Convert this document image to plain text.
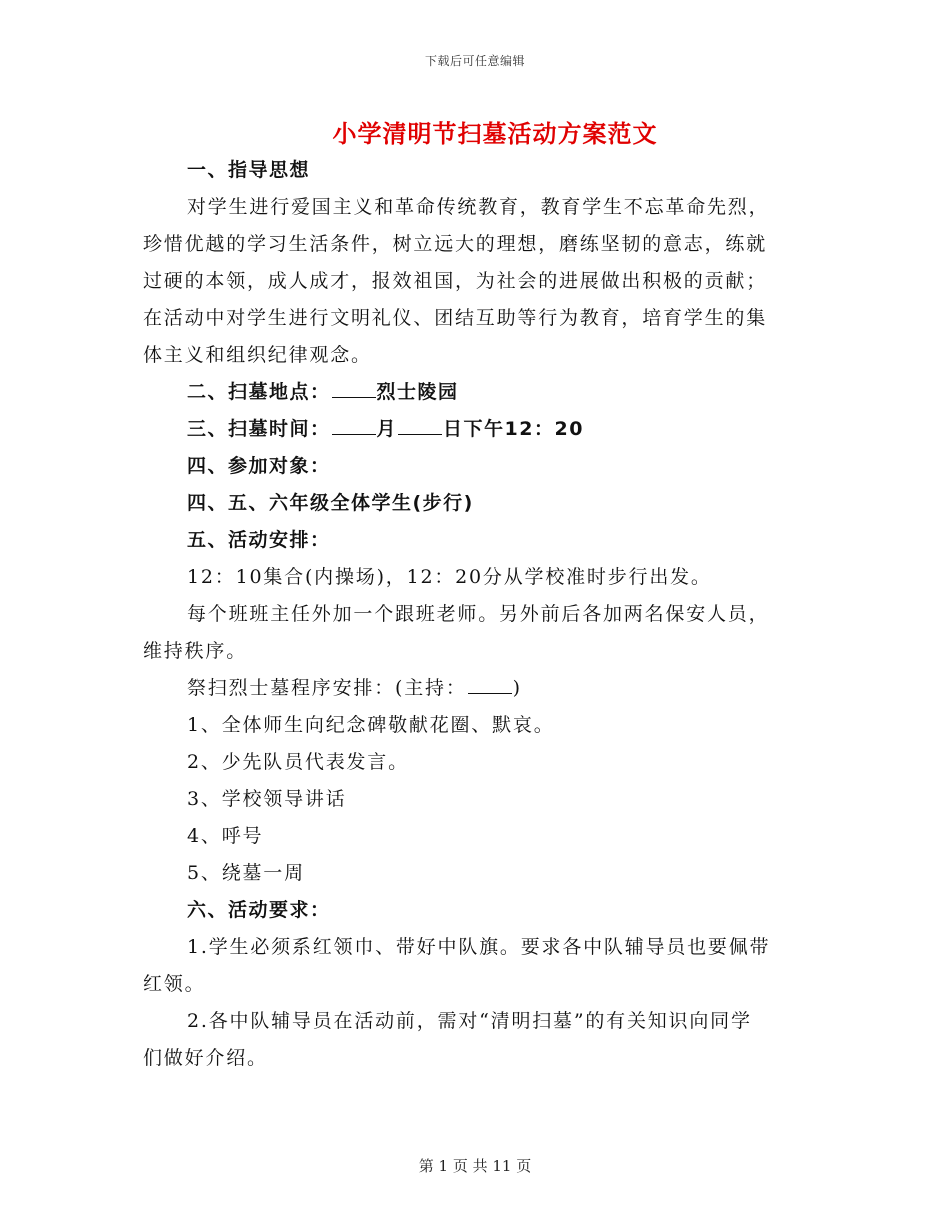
下载后可任意编辑
小学清明节扫墓活动方案范文

一、指导思想

对学生进行爱国主义和革命传统教育，教育学生不忘革命先烈，

珍惜优越的学习生活条件，树立远大的理想，磨练坚韧的意志，练就

过硬的本领，成人成才，报效祖国，为社会的进展做出积极的贡献；

在活动中对学生进行文明礼仪、团结互助等行为教育，培育学生的集

体主义和组织纪律观念。

二、扫墓地点： 烈士陵园

三、扫墓时间： 月 日下午12：20

四、参加对象：

四、五、六年级全体学生(步行)

五、活动安排：

12：10集合(内操场)，12：20分从学校准时步行出发。

每个班班主任外加一个跟班老师。另外前后各加两名保安人员，

维持秩序。

祭扫烈士墓程序安排：(主持： )

1、全体师生向纪念碑敬献花圈、默哀。

2、少先队员代表发言。

3、学校领导讲话

4、呼号

5、绕墓一周

六、活动要求：

1.学生必须系红领巾、带好中队旗。要求各中队辅导员也要佩带

红领。

2.各中队辅导员在活动前，需对“清明扫墓”的有关知识向同学

们做好介绍。

第 1 页 共 11 页
